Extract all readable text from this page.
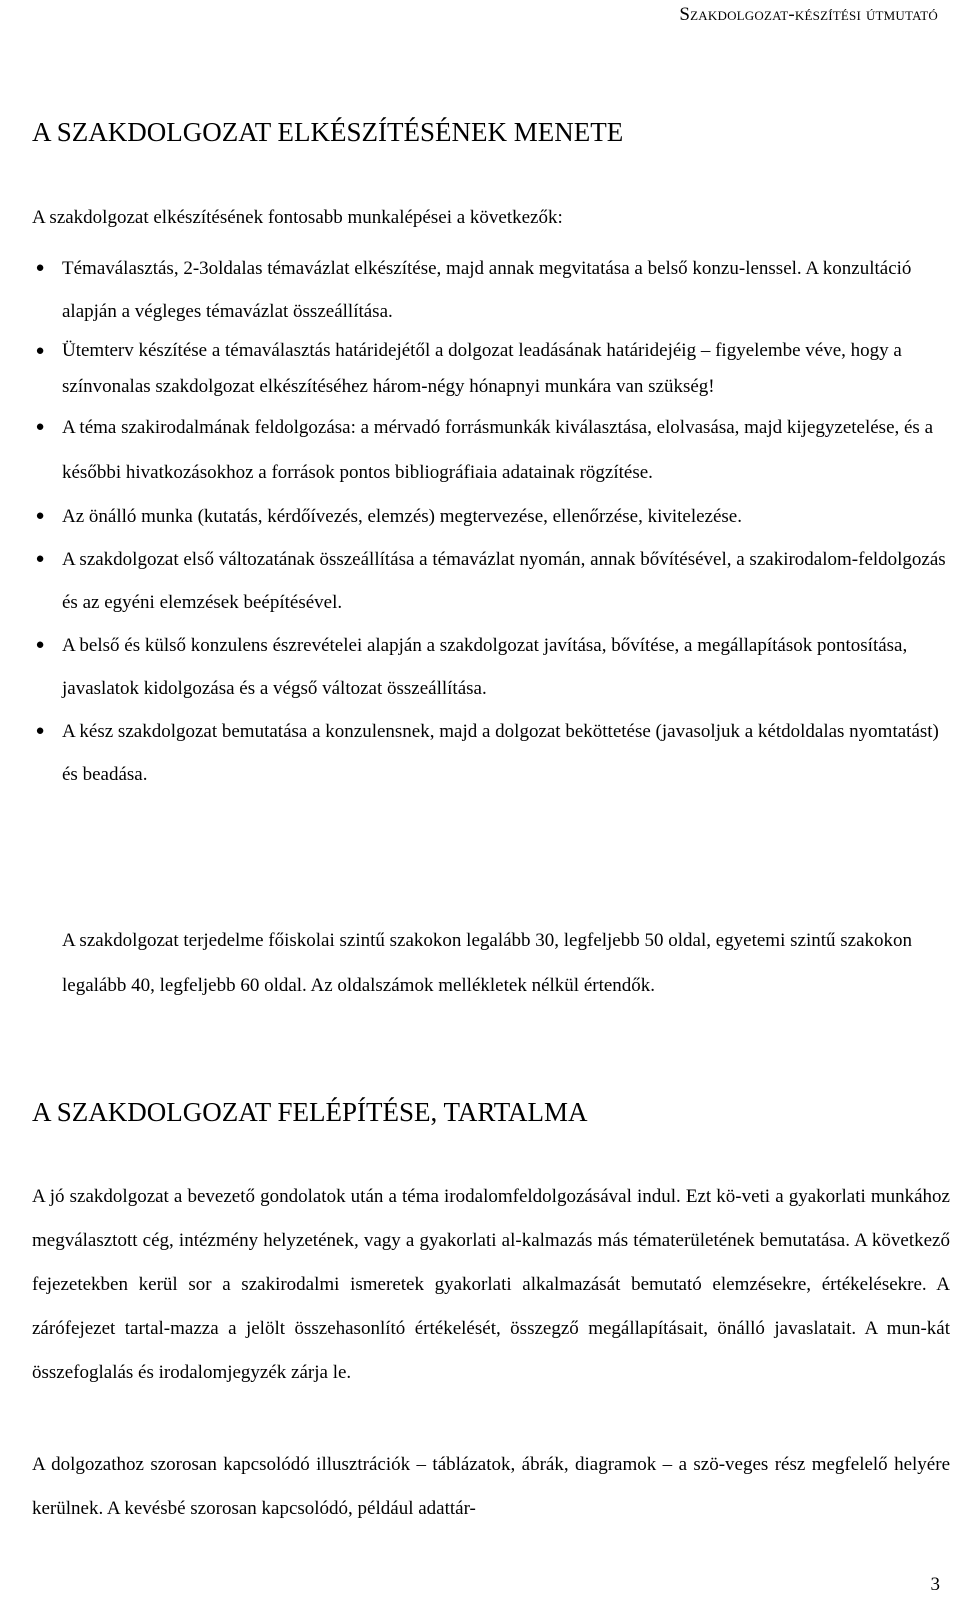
Szakdolgozat-készítési útmutató
A SZAKDOLGOZAT ELKÉSZÍTÉSÉNEK MENETE

A szakdolgozat elkészítésének fontosabb munkalépései a következők:

● Témaválasztás, 2-3oldalas témavázlat elkészítése, majd annak megvitatása a belső konzu-lenssel. A konzultáció alapján a végleges témavázlat összeállítása.
● Ütemterv készítése a témaválasztás határidejétől a dolgozat leadásának határidejéig – figyelembe véve, hogy a színvonalas szakdolgozat elkészítéséhez három-négy hónapnyi munkára van szükség!
● A téma szakirodalmának feldolgozása: a mérvadó forrásmunkák kiválasztása, elolvasása, majd kijegyzetelése, és a későbbi hivatkozásokhoz a források pontos bibliográfiaia adatainak rögzítése.
● Az önálló munka (kutatás, kérdőívezés, elemzés) megtervezése, ellenőrzése, kivitelezése.
● A szakdolgozat első változatának összeállítása a témavázlat nyomán, annak bővítésével, a szakirodalom-feldolgozás és az egyéni elemzések beépítésével.
● A belső és külső konzulens észrevételei alapján a szakdolgozat javítása, bővítése, a megállapítások pontosítása, javaslatok kidolgozása és a végső változat összeállítása.
● A kész szakdolgozat bemutatása a konzulensnek, majd a dolgozat beköttetése (javasoljuk a kétdoldalas nyomtatást) és beadása.

A szakdolgozat terjedelme főiskolai szintű szakokon legalább 30, legfeljebb 50 oldal, egyetemi szintű szakokon legalább 40, legfeljebb 60 oldal. Az oldalszámok mellékletek nélkül értendők.

A SZAKDOLGOZAT FELÉPÍTÉSE, TARTALMA

A jó szakdolgozat a bevezető gondolatok után a téma irodalomfeldolgozásával indul. Ezt kö-veti a gyakorlati munkához megválasztott cég, intézmény helyzetének, vagy a gyakorlati al-kalmazás más tématerületének bemutatása. A következő fejezetekben kerül sor a szakirodalmi ismeretek gyakorlati alkalmazását bemutató elemzésekre, értékelésekre. A zárófejezet tartal-mazza a jelölt összehasonlító értékelését, összegző megállapításait, önálló javaslatait. A mun-kát összefoglalás és irodalomjegyzék zárja le.

A dolgozathoz szorosan kapcsolódó illusztrációk – táblázatok, ábrák, diagramok – a szö-veges rész megfelelő helyére kerülnek. A kevésbé szorosan kapcsolódó, például adattár-

3
